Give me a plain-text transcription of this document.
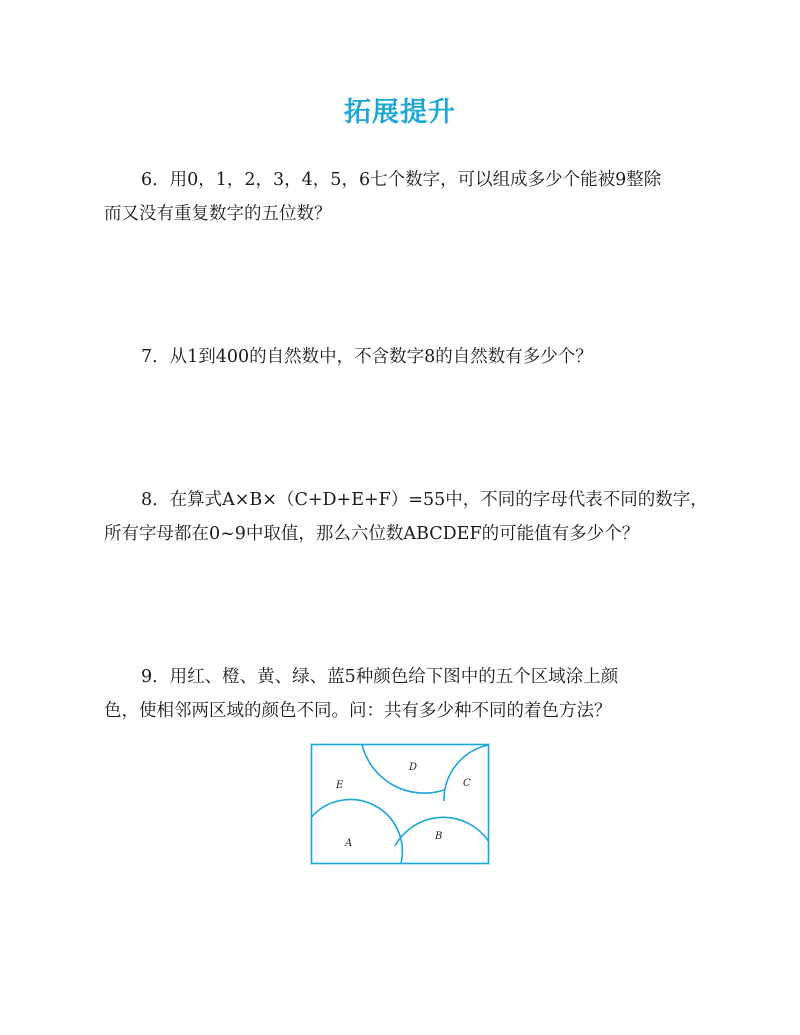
拓展提升
6．用0，1，2，3，4，5，6七个数字，可以组成多少个能被9整除
而又没有重复数字的五位数？
7．从1到400的自然数中，不含数字8的自然数有多少个？
8．在算式A×B×（C+D+E+F）=55中，不同的字母代表不同的数字，
所有字母都在0~9中取值，那么六位数ABCDEF的可能值有多少个？
9．用红、橙、黄、绿、蓝5种颜色给下图中的五个区域涂上颜
色，使相邻两区域的颜色不同。问：共有多少种不同的着色方法？
D
C
E
B
A
